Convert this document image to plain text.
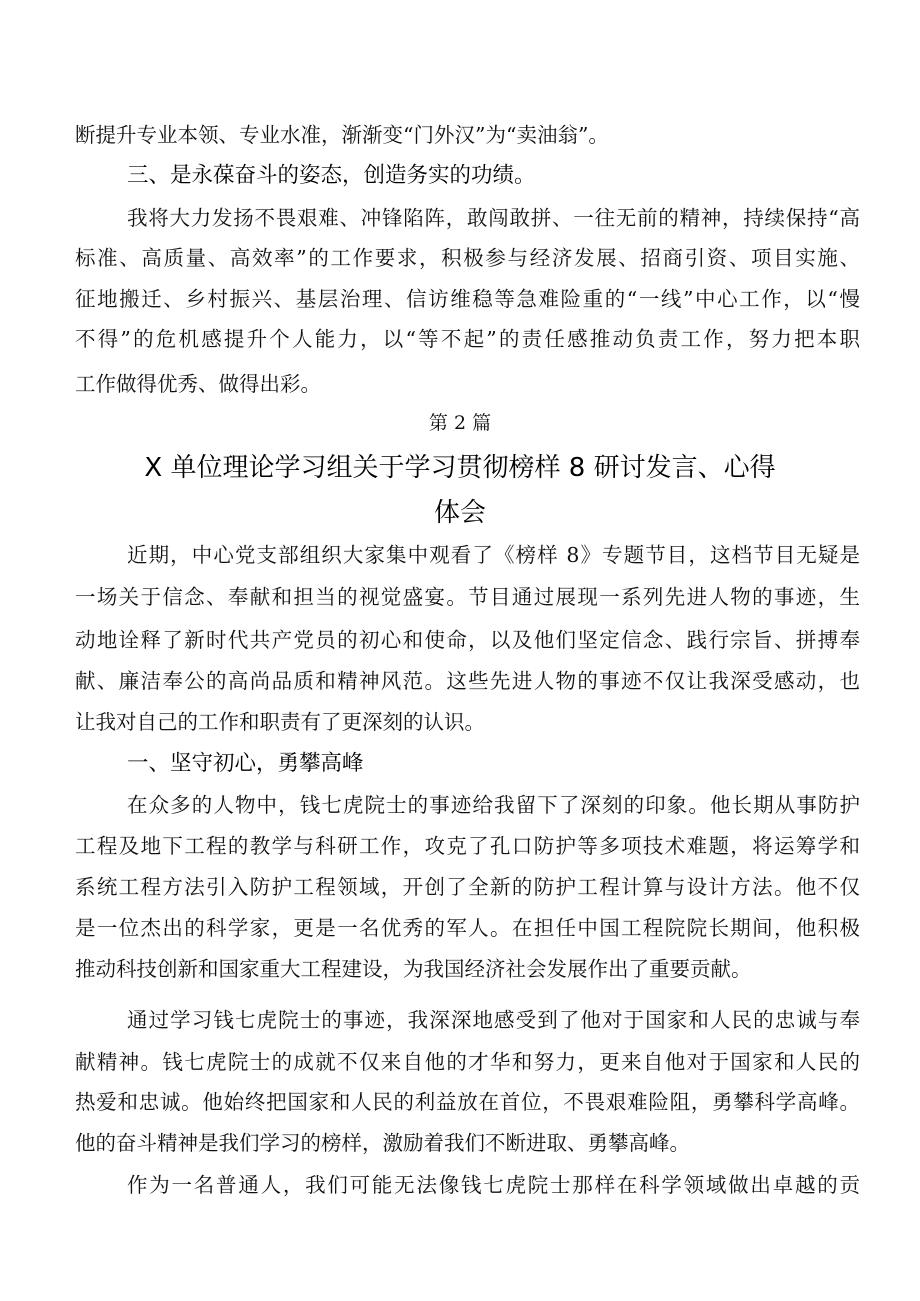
断提升专业本领、专业水准，渐渐变“门外汉”为“卖油翁”。
三、是永葆奋斗的姿态，创造务实的功绩。
我将大力发扬不畏艰难、冲锋陷阵，敢闯敢拼、一往无前的精神，持续保持“高
标准、高质量、高效率”的工作要求，积极参与经济发展、招商引资、项目实施、
征地搬迁、乡村振兴、基层治理、信访维稳等急难险重的“一线”中心工作，以“慢
不得”的危机感提升个人能力，以“等不起”的责任感推动负责工作，努力把本职
工作做得优秀、做得出彩。
第 2 篇
X 单位理论学习组关于学习贯彻榜样 8 研讨发言、心得
体会
近期，中心党支部组织大家集中观看了《榜样 8》专题节目，这档节目无疑是
一场关于信念、奉献和担当的视觉盛宴。节目通过展现一系列先进人物的事迹，生
动地诠释了新时代共产党员的初心和使命，以及他们坚定信念、践行宗旨、拼搏奉
献、廉洁奉公的高尚品质和精神风范。这些先进人物的事迹不仅让我深受感动，也
让我对自己的工作和职责有了更深刻的认识。
一、坚守初心，勇攀高峰
在众多的人物中，钱七虎院士的事迹给我留下了深刻的印象。他长期从事防护
工程及地下工程的教学与科研工作，攻克了孔口防护等多项技术难题，将运筹学和
系统工程方法引入防护工程领域，开创了全新的防护工程计算与设计方法。他不仅
是一位杰出的科学家，更是一名优秀的军人。在担任中国工程院院长期间，他积极
推动科技创新和国家重大工程建设，为我国经济社会发展作出了重要贡献。
通过学习钱七虎院士的事迹，我深深地感受到了他对于国家和人民的忠诚与奉
献精神。钱七虎院士的成就不仅来自他的才华和努力，更来自他对于国家和人民的
热爱和忠诚。他始终把国家和人民的利益放在首位，不畏艰难险阻，勇攀科学高峰。
他的奋斗精神是我们学习的榜样，激励着我们不断进取、勇攀高峰。
作为一名普通人，我们可能无法像钱七虎院士那样在科学领域做出卓越的贡
